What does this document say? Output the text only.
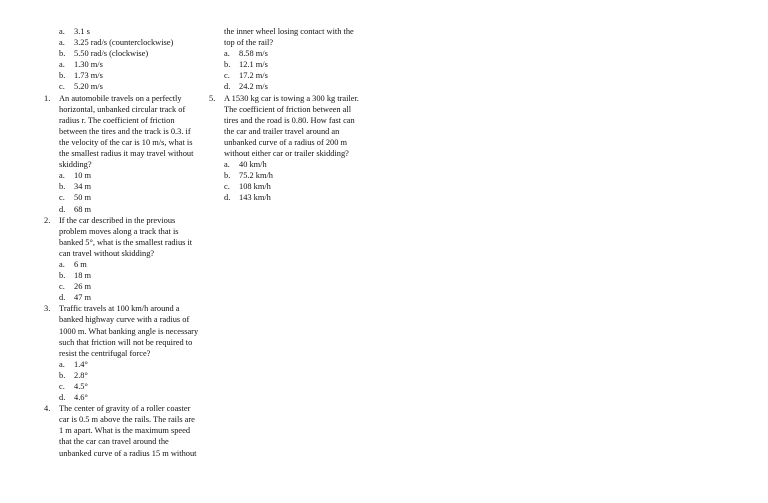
a.	3.1 s
a.	3.25 rad/s (counterclockwise)
b.	5.50 rad/s (clockwise)
a.	1.30 m/s
b.	1.73 m/s
c.	5.20 m/s
1.	An automobile travels on a perfectly
horizontal, unbanked circular track of
radius r. The coefficient of friction
between the tires and the track is 0.3. if
the velocity of the car is 10 m/s, what is
the smallest radius it may travel without
skidding?
a.	10 m
b.	34 m
c.	50 m
d.	68 m
2.	If the car described in the previous
problem moves along a track that is
banked 5°, what is the smallest radius it
can travel without skidding?
a.	6 m
b.	18 m
c.	26 m
d.	47 m
3.	Traffic travels at 100 km/h around a
banked highway curve with a radius of
1000 m. What banking angle is necessary
such that friction will not be required to
resist the centrifugal force?
a.	1.4°
b.	2.8°
c.	4.5°
d.	4.6°
4.	The center of gravity of a roller coaster
car is 0.5 m above the rails. The rails are
1 m apart. What is the maximum speed
that the car can travel around the
unbanked curve of a radius 15 m without
the inner wheel losing contact with the
top of the rail?
a.	8.58 m/s
b.	12.1 m/s
c.	17.2 m/s
d.	24.2 m/s
5.	A 1530 kg car is towing a 300 kg trailer.
The coefficient of friction between all
tires and the road is 0.80. How fast can
the car and trailer travel around an
unbanked curve of a radius of 200 m
without either car or trailer skidding?
a.	40 km/h
b.	75.2 km/h
c.	108 km/h
d.	143 km/h
